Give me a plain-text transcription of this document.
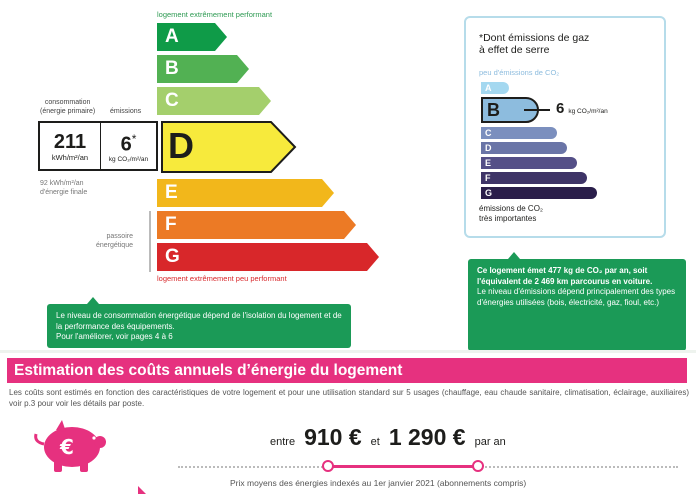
logement extrêmement performant
A
B
C
D
E
F
G
consommation
(énergie primaire) émissions
211
kWh/m²/an
6*
kg CO₂/m²/an
92 kWh/m²/an
d'énergie finale
passoire
énergétique
logement extrêmement peu performant
Le niveau de consommation énergétique dépend de l'isolation du logement et de la performance des équipements.
Pour l'améliorer, voir pages 4 à 6
*Dont émissions de gaz
à effet de serre
peu d'émissions de CO₂
A
B
C
D
E
F
G
6 kg CO₂/m²/an
émissions de CO₂
très importantes
Ce logement émet 477 kg de CO₂ par an, soit l'équivalent de 2 469 km parcourus en voiture.
Le niveau d'émissions dépend principalement des types d'énergies utilisées (bois, électricité, gaz, fioul, etc.)
Estimation des coûts annuels d’énergie du logement
Les coûts sont estimés en fonction des caractéristiques de votre logement et pour une utilisation standard sur 5 usages (chauffage, eau chaude sanitaire, climatisation, éclairage, auxiliaires) voir p.3 pour voir les détails par poste.
€	entre 910 € et 1 290 € par an
Prix moyens des énergies indexés au 1er janvier 2021 (abonnements compris)
